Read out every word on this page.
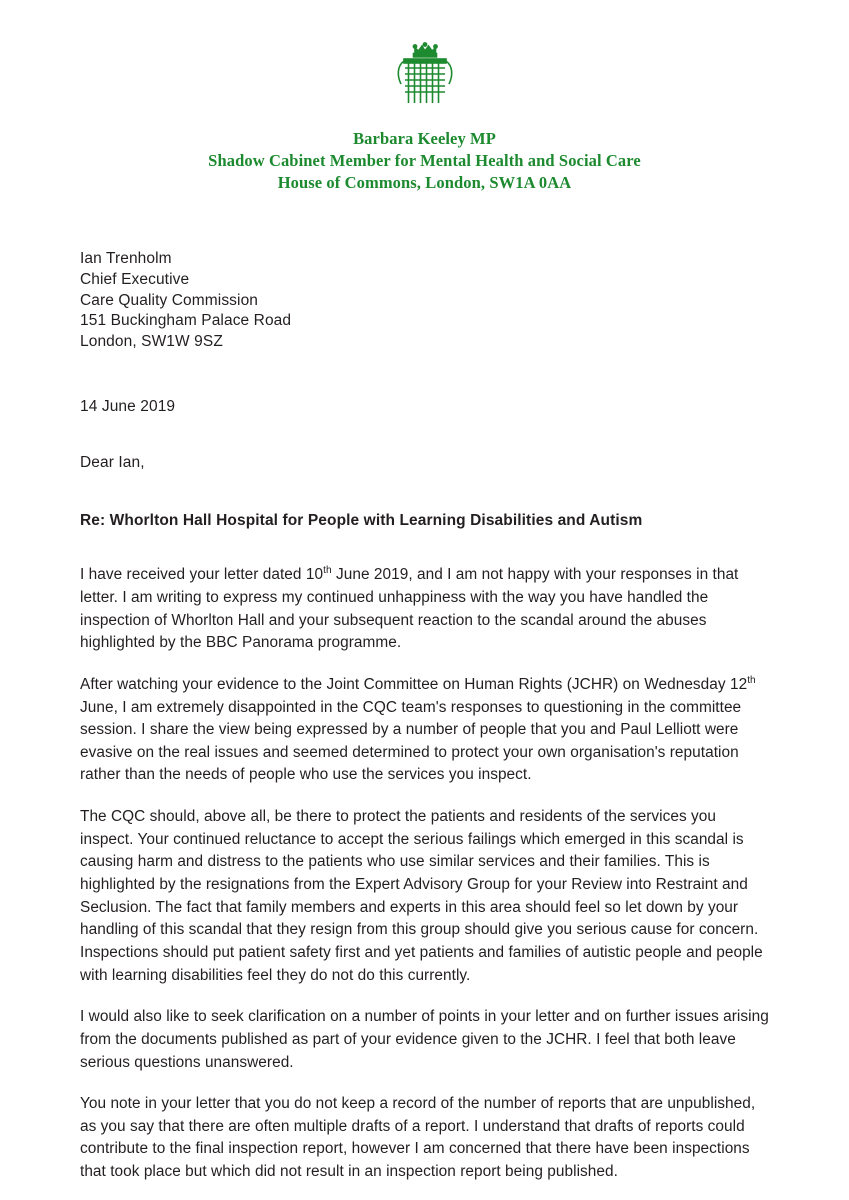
Barbara Keeley MP
Shadow Cabinet Member for Mental Health and Social Care
House of Commons, London, SW1A 0AA
Ian Trenholm
Chief Executive
Care Quality Commission
151 Buckingham Palace Road
London, SW1W 9SZ
14 June 2019
Dear Ian,
Re: Whorlton Hall Hospital for People with Learning Disabilities and Autism

I have received your letter dated 10th June 2019, and I am not happy with your responses in that letter. I am writing to express my continued unhappiness with the way you have handled the inspection of Whorlton Hall and your subsequent reaction to the scandal around the abuses highlighted by the BBC Panorama programme.

After watching your evidence to the Joint Committee on Human Rights (JCHR) on Wednesday 12th June, I am extremely disappointed in the CQC team's responses to questioning in the committee session. I share the view being expressed by a number of people that you and Paul Lelliott were evasive on the real issues and seemed determined to protect your own organisation's reputation rather than the needs of people who use the services you inspect.

The CQC should, above all, be there to protect the patients and residents of the services you inspect. Your continued reluctance to accept the serious failings which emerged in this scandal is causing harm and distress to the patients who use similar services and their families. This is highlighted by the resignations from the Expert Advisory Group for your Review into Restraint and Seclusion. The fact that family members and experts in this area should feel so let down by your handling of this scandal that they resign from this group should give you serious cause for concern. Inspections should put patient safety first and yet patients and families of autistic people and people with learning disabilities feel they do not do this currently.

I would also like to seek clarification on a number of points in your letter and on further issues arising from the documents published as part of your evidence given to the JCHR. I feel that both leave serious questions unanswered.

You note in your letter that you do not keep a record of the number of reports that are unpublished, as you say that there are often multiple drafts of a report. I understand that drafts of reports could contribute to the final inspection report, however I am concerned that there have been inspections that took place but which did not result in an inspection report being published.
